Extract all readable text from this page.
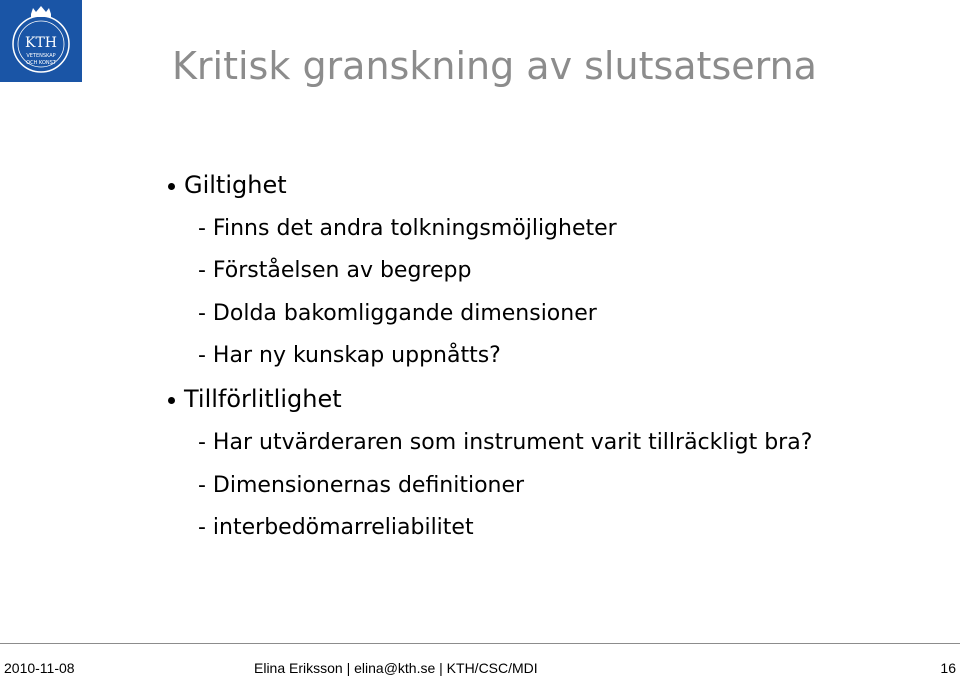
KTH
VETENSKAP
OCH KONST	Kritisk granskning av slutsatserna
Giltighet
- Finns det andra tolkningsmöjligheter
- Förståelsen av begrepp
- Dolda bakomliggande dimensioner
- Har ny kunskap uppnåtts?
Tillförlitlighet
- Har utvärderaren som instrument varit tillräckligt bra?
- Dimensionernas definitioner
- interbedömarreliabilitet
2010-11-08	Elina Eriksson | elina@kth.se | KTH/CSC/MDI	16
